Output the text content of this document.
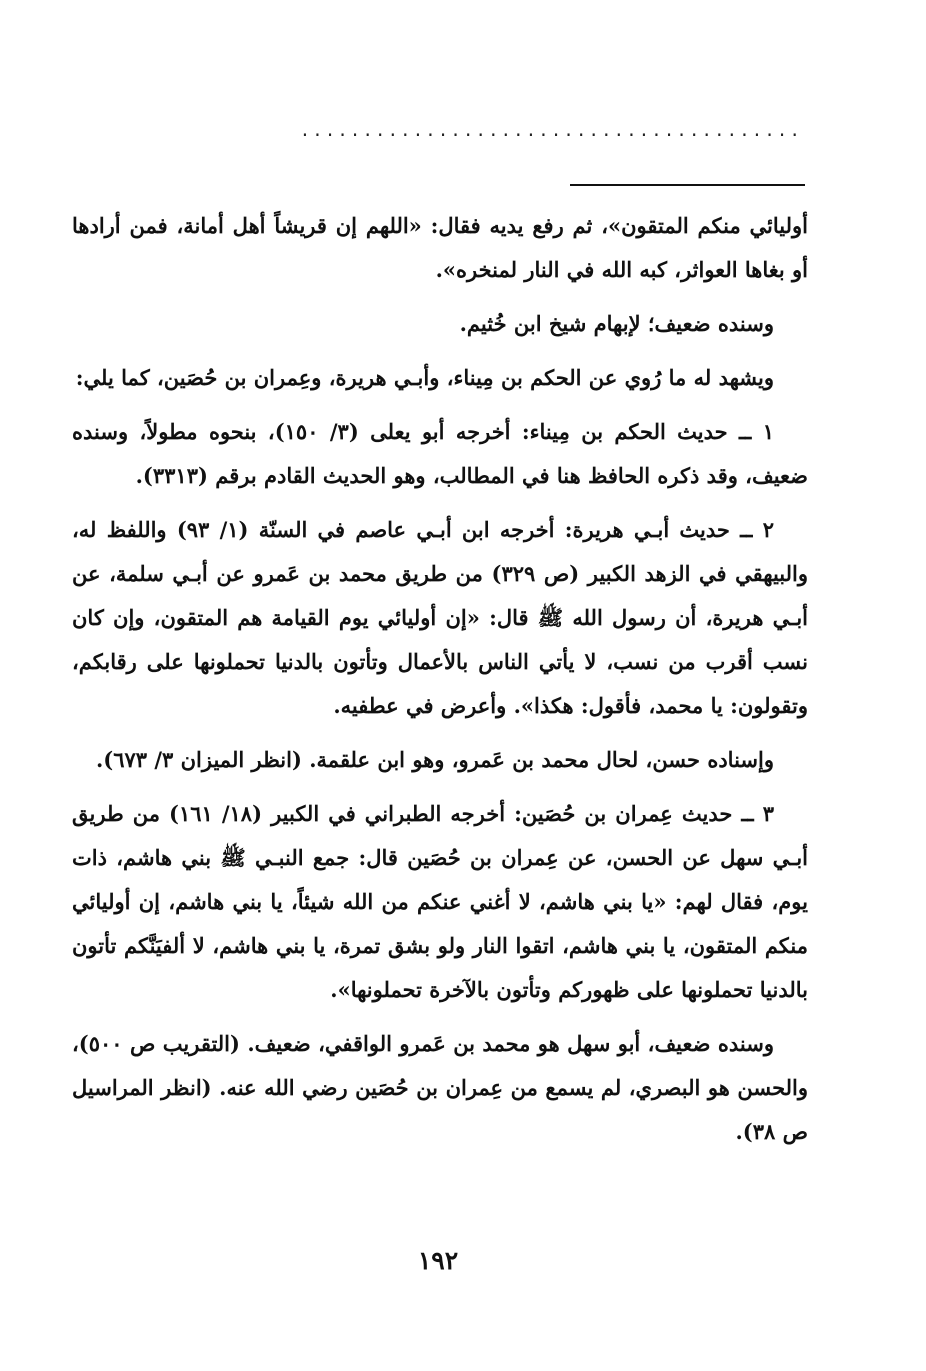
........................................

أوليائي منكم المتقون»، ثم رفع يديه فقال: «اللهم إن قريشاً أهل أمانة، فمن أرادها أو بغاها العواثر، كبه الله في النار لمنخره».

وسنده ضعيف؛ لإبهام شيخ ابن خُثيم.

ويشهد له ما رُوي عن الحكم بن مِيناء، وأبـي هريرة، وعِمران بن حُصَين، كما يلي:

١ ــ حديث الحكم بن مِيناء: أخرجه أبو يعلى (٣/ ١٥٠)، بنحوه مطولاً، وسنده ضعيف، وقد ذكره الحافظ هنا في المطالب، وهو الحديث القادم برقم (٣٣١٣).

٢ ــ حديث أبـي هريرة: أخرجه ابن أبـي عاصم في السنّة (١/ ٩٣) واللفظ له، والبيهقي في الزهد الكبير (ص ٣٢٩) من طريق محمد بن عَمرو عن أبـي سلمة، عن أبـي هريرة، أن رسول الله ﷺ قال: «إن أوليائي يوم القيامة هم المتقون، وإن كان نسب أقرب من نسب، لا يأتي الناس بالأعمال وتأتون بالدنيا تحملونها على رقابكم، وتقولون: يا محمد، فأقول: هكذا». وأعرض في عطفيه.

وإسناده حسن، لحال محمد بن عَمرو، وهو ابن علقمة. (انظر الميزان ٣/ ٦٧٣).

٣ ــ حديث عِمران بن حُصَين: أخرجه الطبراني في الكبير (١٨/ ١٦١) من طريق أبـي سهل عن الحسن، عن عِمران بن حُصَين قال: جمع النبـي ﷺ بني هاشم، ذات يوم، فقال لهم: «يا بني هاشم، لا أغني عنكم من الله شيئاً، يا بني هاشم، إن أوليائي منكم المتقون، يا بني هاشم، اتقوا النار ولو بشق تمرة، يا بني هاشم، لا ألفيَنَّكم تأتون بالدنيا تحملونها على ظهوركم وتأتون بالآخرة تحملونها».

وسنده ضعيف، أبو سهل هو محمد بن عَمرو الواقفي، ضعيف. (التقريب ص ٥٠٠)، والحسن هو البصري، لم يسمع من عِمران بن حُصَين رضي الله عنه. (انظر المراسيل ص ٣٨).

١٩٢
